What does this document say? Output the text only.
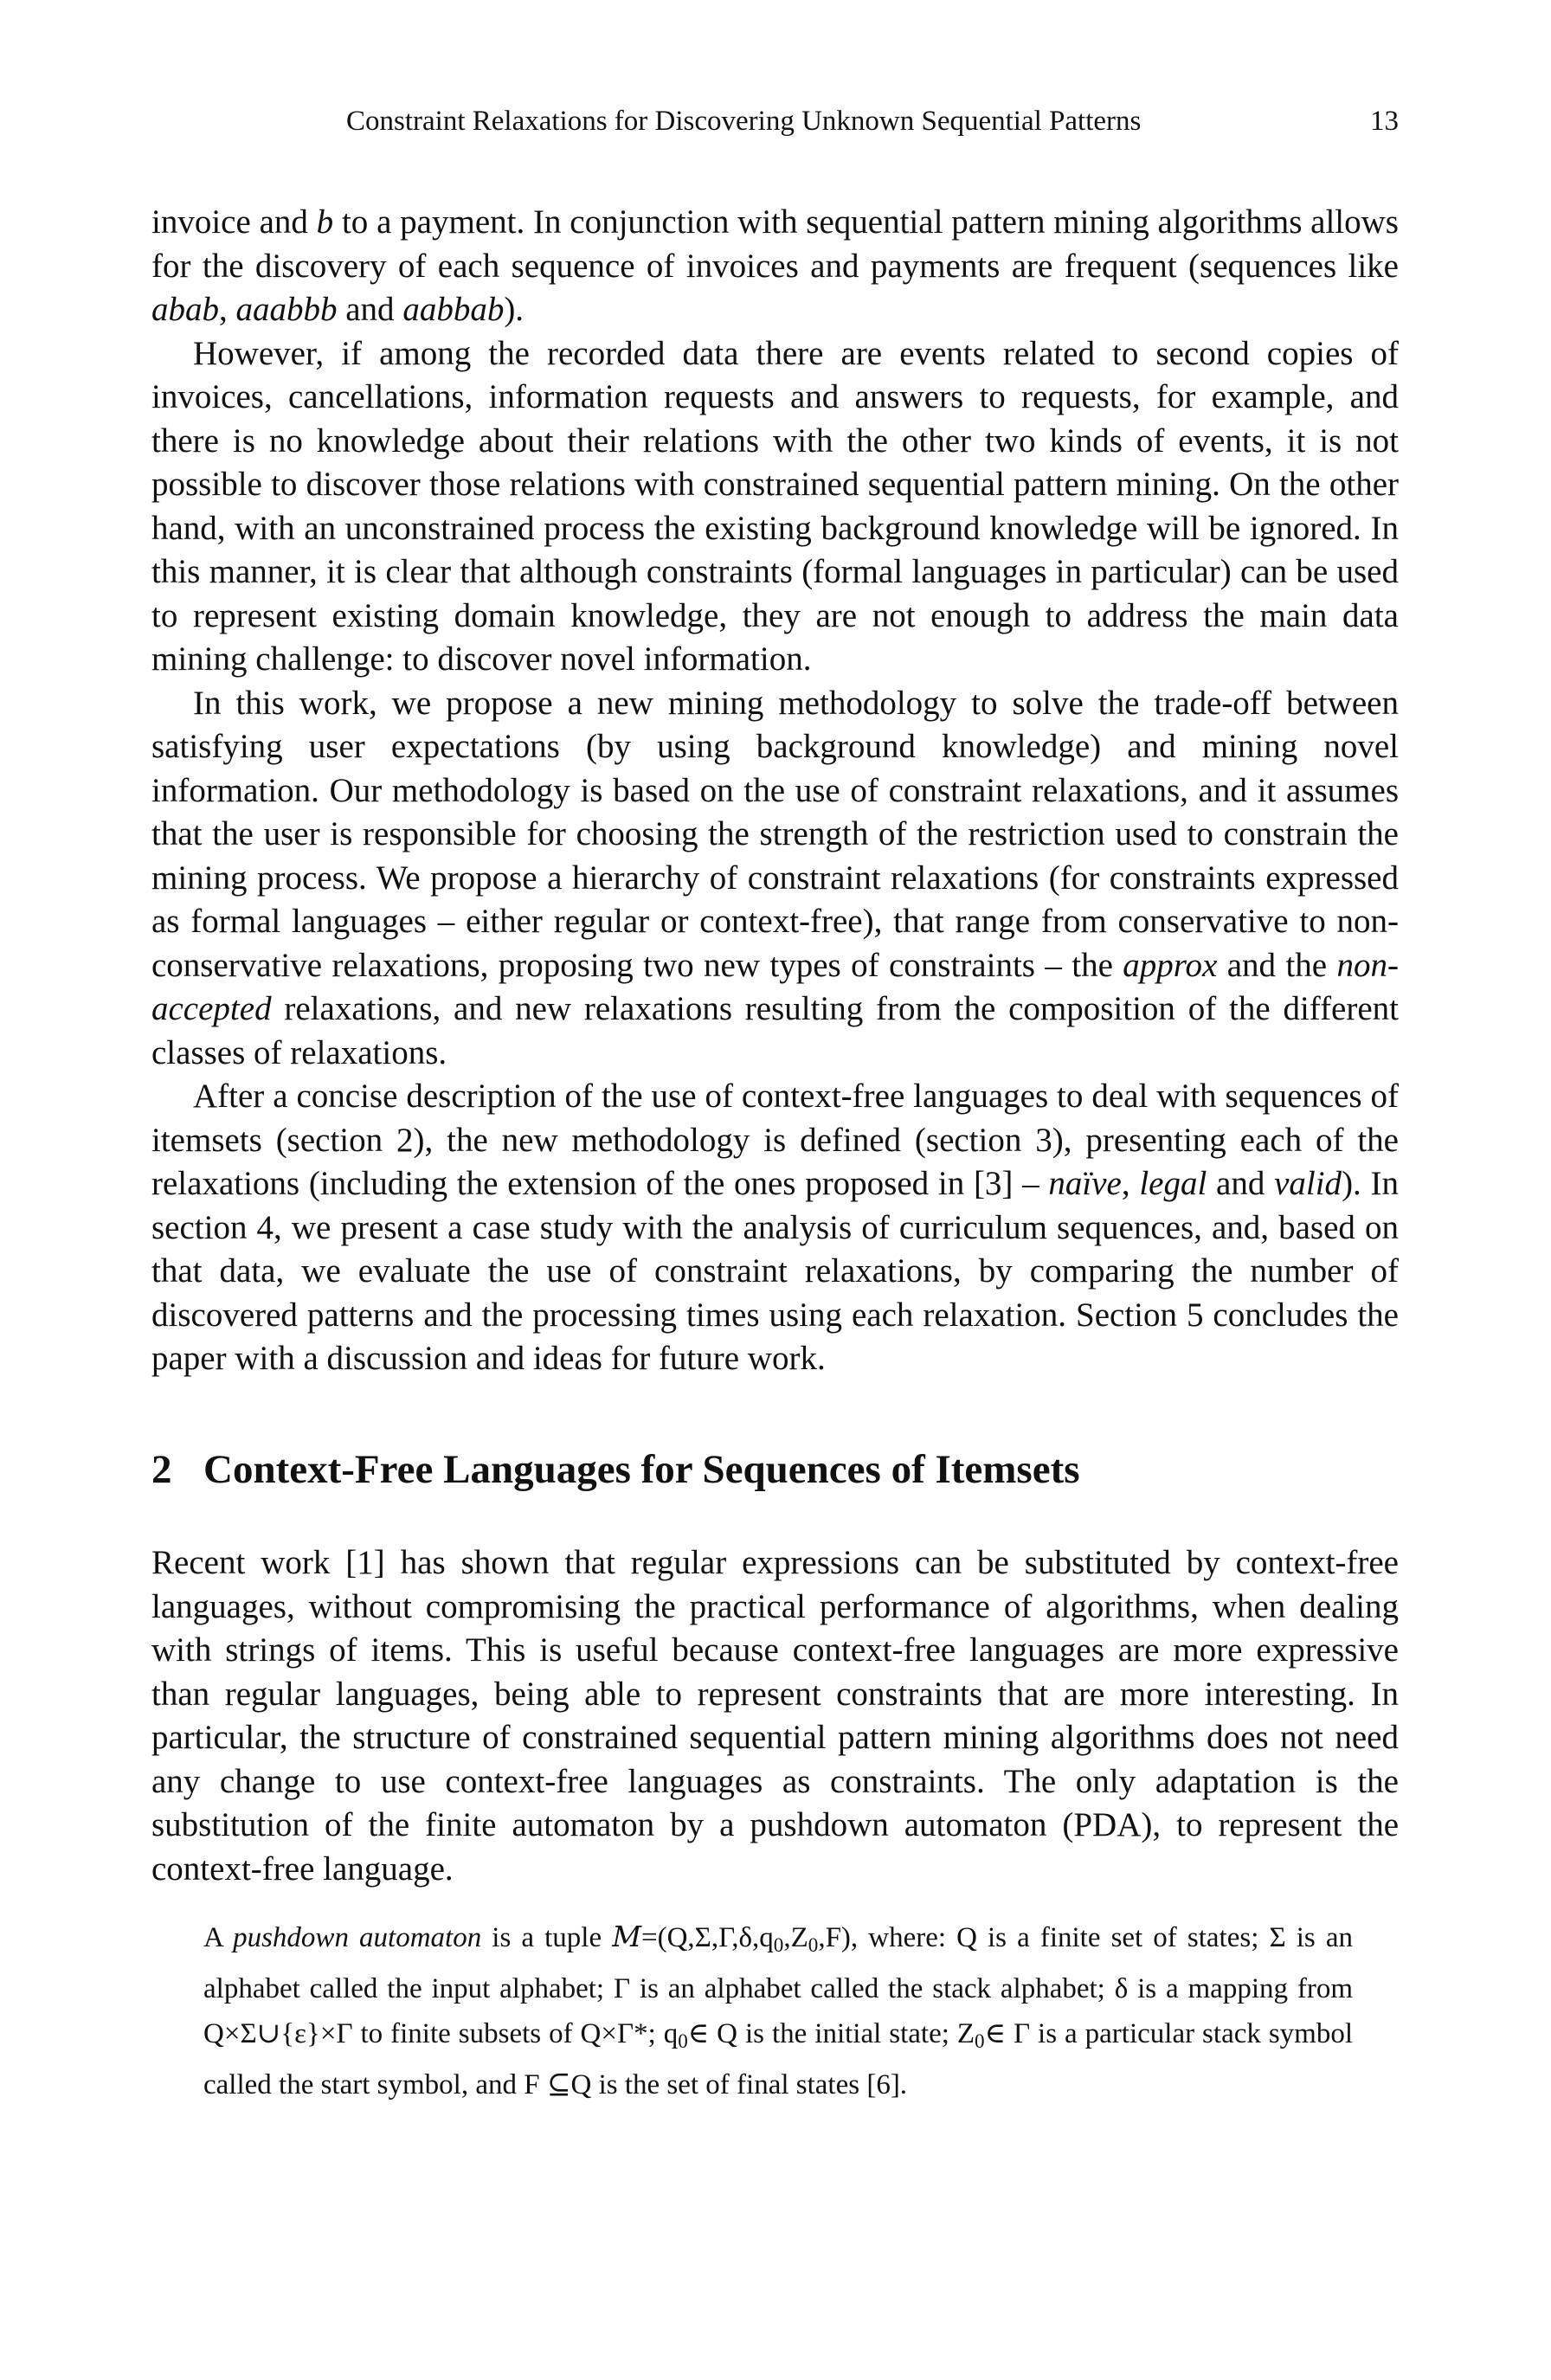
Constraint Relaxations for Discovering Unknown Sequential Patterns	13

invoice and b to a payment. In conjunction with sequential pattern mining algorithms allows for the discovery of each sequence of invoices and payments are frequent (sequences like abab, aaabbb and aabbab).

However, if among the recorded data there are events related to second copies of invoices, cancellations, information requests and answers to requests, for example, and there is no knowledge about their relations with the other two kinds of events, it is not possible to discover those relations with constrained sequential pattern mining. On the other hand, with an unconstrained process the existing background knowledge will be ignored. In this manner, it is clear that although constraints (formal languages in particular) can be used to represent existing domain knowledge, they are not enough to address the main data mining challenge: to discover novel information.

In this work, we propose a new mining methodology to solve the trade-off between satisfying user expectations (by using background knowledge) and mining novel information. Our methodology is based on the use of constraint relaxations, and it assumes that the user is responsible for choosing the strength of the restriction used to constrain the mining process. We propose a hierarchy of constraint relaxations (for constraints expressed as formal languages – either regular or context-free), that range from conservative to non-conservative relaxations, proposing two new types of constraints – the approx and the non-accepted relaxations, and new relaxations resulting from the composition of the different classes of relaxations.

After a concise description of the use of context-free languages to deal with sequences of itemsets (section 2), the new methodology is defined (section 3), presenting each of the relaxations (including the extension of the ones proposed in [3] – naïve, legal and valid). In section 4, we present a case study with the analysis of curriculum sequences, and, based on that data, we evaluate the use of constraint relaxations, by comparing the number of discovered patterns and the processing times using each relaxation. Section 5 concludes the paper with a discussion and ideas for future work.

2 Context-Free Languages for Sequences of Itemsets

Recent work [1] has shown that regular expressions can be substituted by context-free languages, without compromising the practical performance of algorithms, when dealing with strings of items. This is useful because context-free languages are more expressive than regular languages, being able to represent constraints that are more interesting. In particular, the structure of constrained sequential pattern mining algorithms does not need any change to use context-free languages as constraints. The only adaptation is the substitution of the finite automaton by a pushdown automaton (PDA), to represent the context-free language.

A pushdown automaton is a tuple $M=(Q,\Sigma,\Gamma,\delta,q_0,Z_0,F)$, where: Q is a finite set of states; Σ is an alphabet called the input alphabet; Γ is an alphabet called the stack alphabet; δ is a mapping from Q×Σ∪{ε}×Γ to finite subsets of Q×Γ*; $q_0\in$ Q is the initial state; $Z_0\in$ Γ is a particular stack symbol called the start symbol, and F ⊆Q is the set of final states [6].
